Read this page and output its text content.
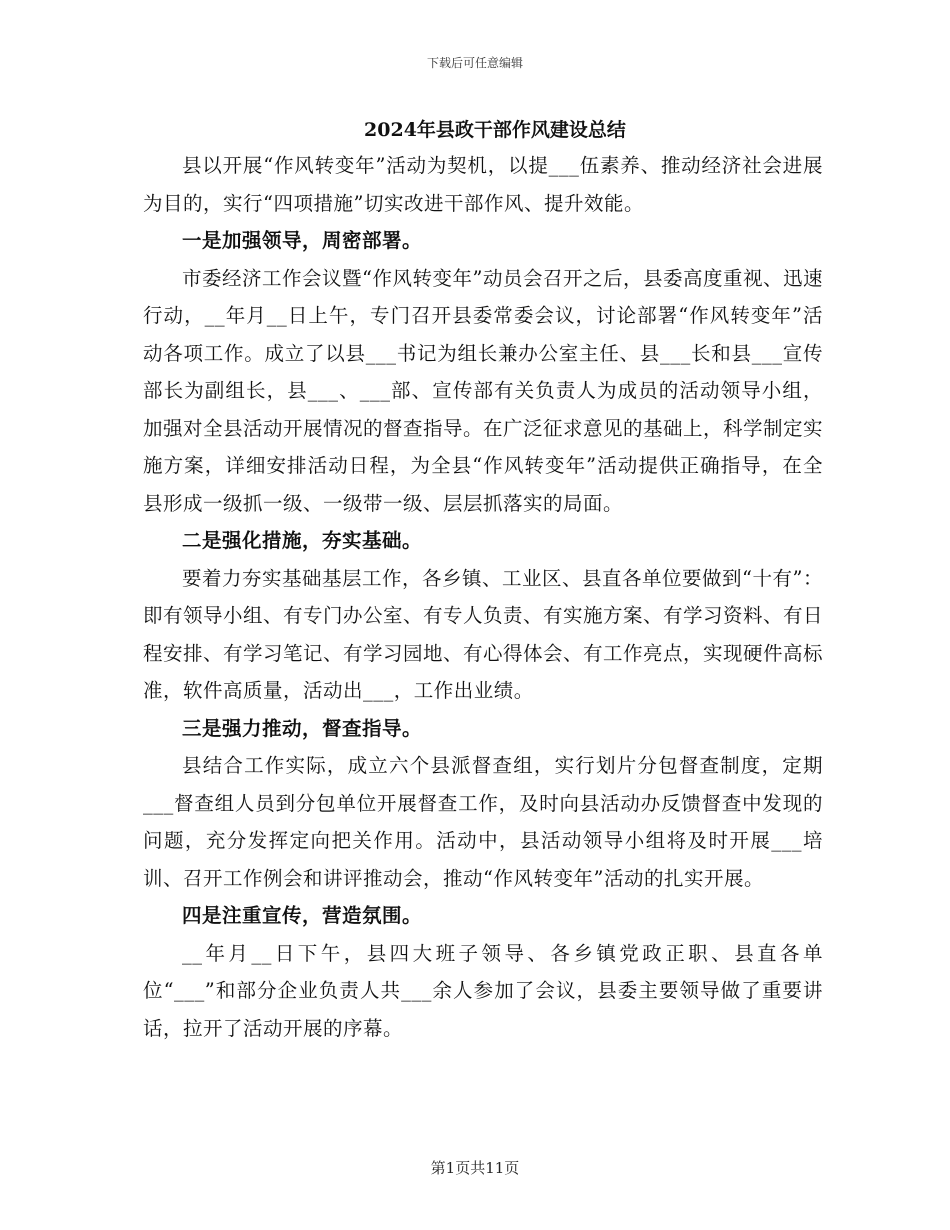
下载后可任意编辑
2024年县政干部作风建设总结

县以开展“作风转变年”活动为契机，以提___伍素养、推动经济社会进展为目的，实行“四项措施”切实改进干部作风、提升效能。

一是加强领导，周密部署。

市委经济工作会议暨“作风转变年”动员会召开之后，县委高度重视、迅速行动，__年月__日上午，专门召开县委常委会议，讨论部署“作风转变年”活动各项工作。成立了以县___书记为组长兼办公室主任、县___长和县___宣传部长为副组长，县___、___部、宣传部有关负责人为成员的活动领导小组，加强对全县活动开展情况的督查指导。在广泛征求意见的基础上，科学制定实施方案，详细安排活动日程，为全县“作风转变年”活动提供正确指导，在全县形成一级抓一级、一级带一级、层层抓落实的局面。

二是强化措施，夯实基础。

要着力夯实基础基层工作，各乡镇、工业区、县直各单位要做到“十有”：即有领导小组、有专门办公室、有专人负责、有实施方案、有学习资料、有日程安排、有学习笔记、有学习园地、有心得体会、有工作亮点，实现硬件高标准，软件高质量，活动出___，工作出业绩。

三是强力推动，督查指导。

县结合工作实际，成立六个县派督查组，实行划片分包督查制度，定期___督查组人员到分包单位开展督查工作，及时向县活动办反馈督查中发现的问题，充分发挥定向把关作用。活动中，县活动领导小组将及时开展___培训、召开工作例会和讲评推动会，推动“作风转变年”活动的扎实开展。

四是注重宣传，营造氛围。

__年月__日下午，县四大班子领导、各乡镇党政正职、县直各单位“___”和部分企业负责人共___余人参加了会议，县委主要领导做了重要讲话，拉开了活动开展的序幕。

第1页共11页
